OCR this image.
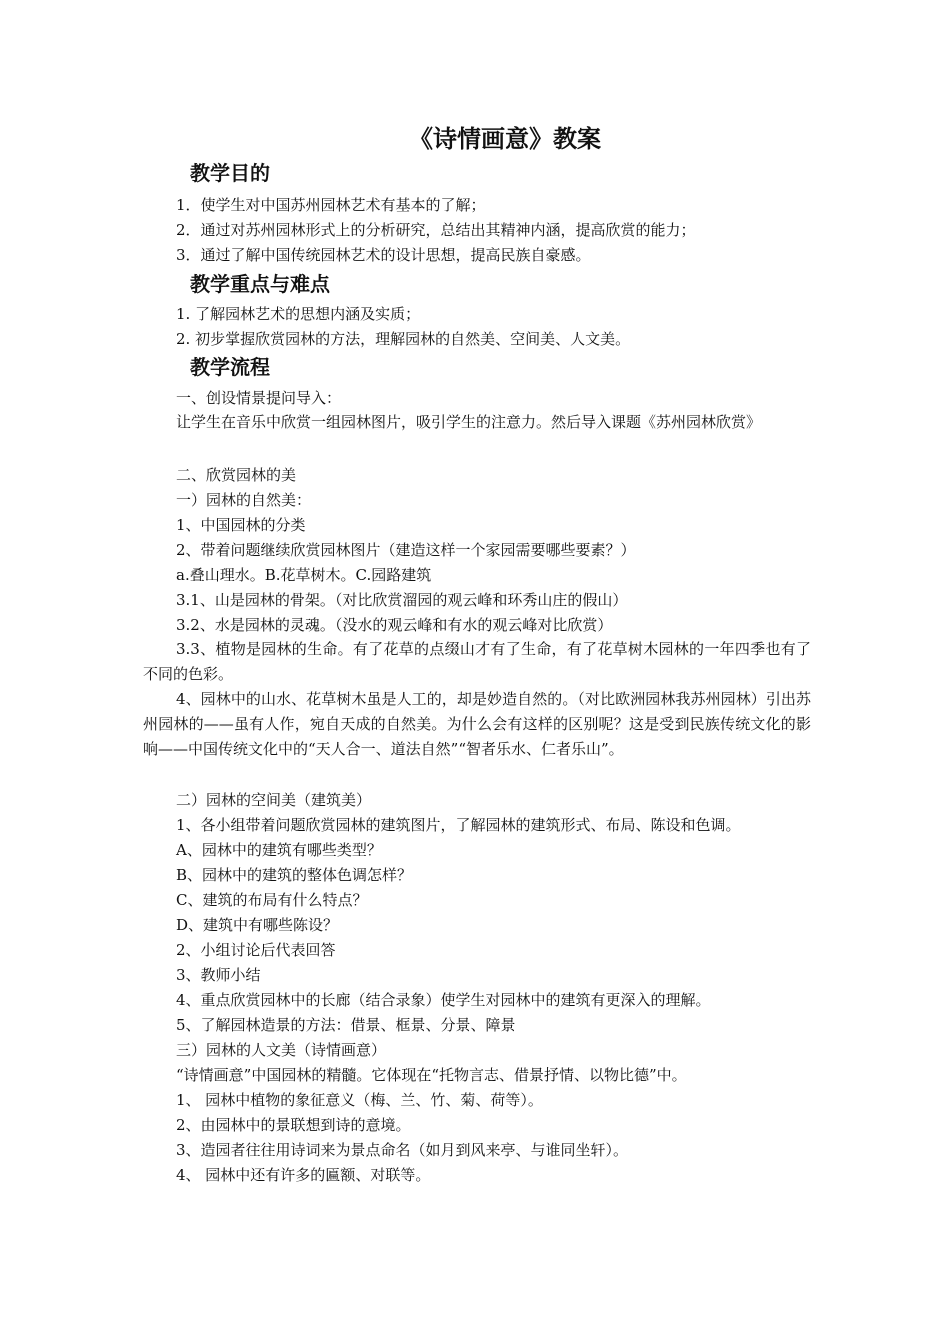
《诗情画意》教案
教学目的
1．使学生对中国苏州园林艺术有基本的了解；
2．通过对苏州园林形式上的分析研究，总结出其精神内涵，提高欣赏的能力；
3．通过了解中国传统园林艺术的设计思想，提高民族自豪感。
教学重点与难点
1. 了解园林艺术的思想内涵及实质；
2. 初步掌握欣赏园林的方法，理解园林的自然美、空间美、人文美。
教学流程
一、创设情景提问导入：
让学生在音乐中欣赏一组园林图片，吸引学生的注意力。然后导入课题《苏州园林欣赏》
二、欣赏园林的美
一）园林的自然美：
1、中国园林的分类
2、带着问题继续欣赏园林图片（建造这样一个家园需要哪些要素？）
a.叠山理水。B.花草树木。C.园路建筑
3.1、山是园林的骨架。（对比欣赏溜园的观云峰和环秀山庄的假山）
3.2、水是园林的灵魂。（没水的观云峰和有水的观云峰对比欣赏）
3.3、植物是园林的生命。有了花草的点缀山才有了生命，有了花草树木园林的一年四季也有了不同的色彩。
4、园林中的山水、花草树木虽是人工的，却是妙造自然的。（对比欧洲园林我苏州园林）引出苏州园林的——虽有人作，宛自天成的自然美。为什么会有这样的区别呢？这是受到民族传统文化的影响——中国传统文化中的“天人合一、道法自然”“智者乐水、仁者乐山”。
二）园林的空间美（建筑美）
1、各小组带着问题欣赏园林的建筑图片，了解园林的建筑形式、布局、陈设和色调。
A、园林中的建筑有哪些类型？
B、园林中的建筑的整体色调怎样？
C、建筑的布局有什么特点？
D、建筑中有哪些陈设？
2、小组讨论后代表回答
3、教师小结
4、重点欣赏园林中的长廊（结合录象）使学生对园林中的建筑有更深入的理解。
5、了解园林造景的方法：借景、框景、分景、障景
三）园林的人文美（诗情画意）
“诗情画意”中国园林的精髓。它体现在“托物言志、借景抒情、以物比德”中。
1、 园林中植物的象征意义（梅、兰、竹、菊、荷等）。
2、由园林中的景联想到诗的意境。
3、造园者往往用诗词来为景点命名（如月到风来亭、与谁同坐轩）。
4、 园林中还有许多的匾额、对联等。
